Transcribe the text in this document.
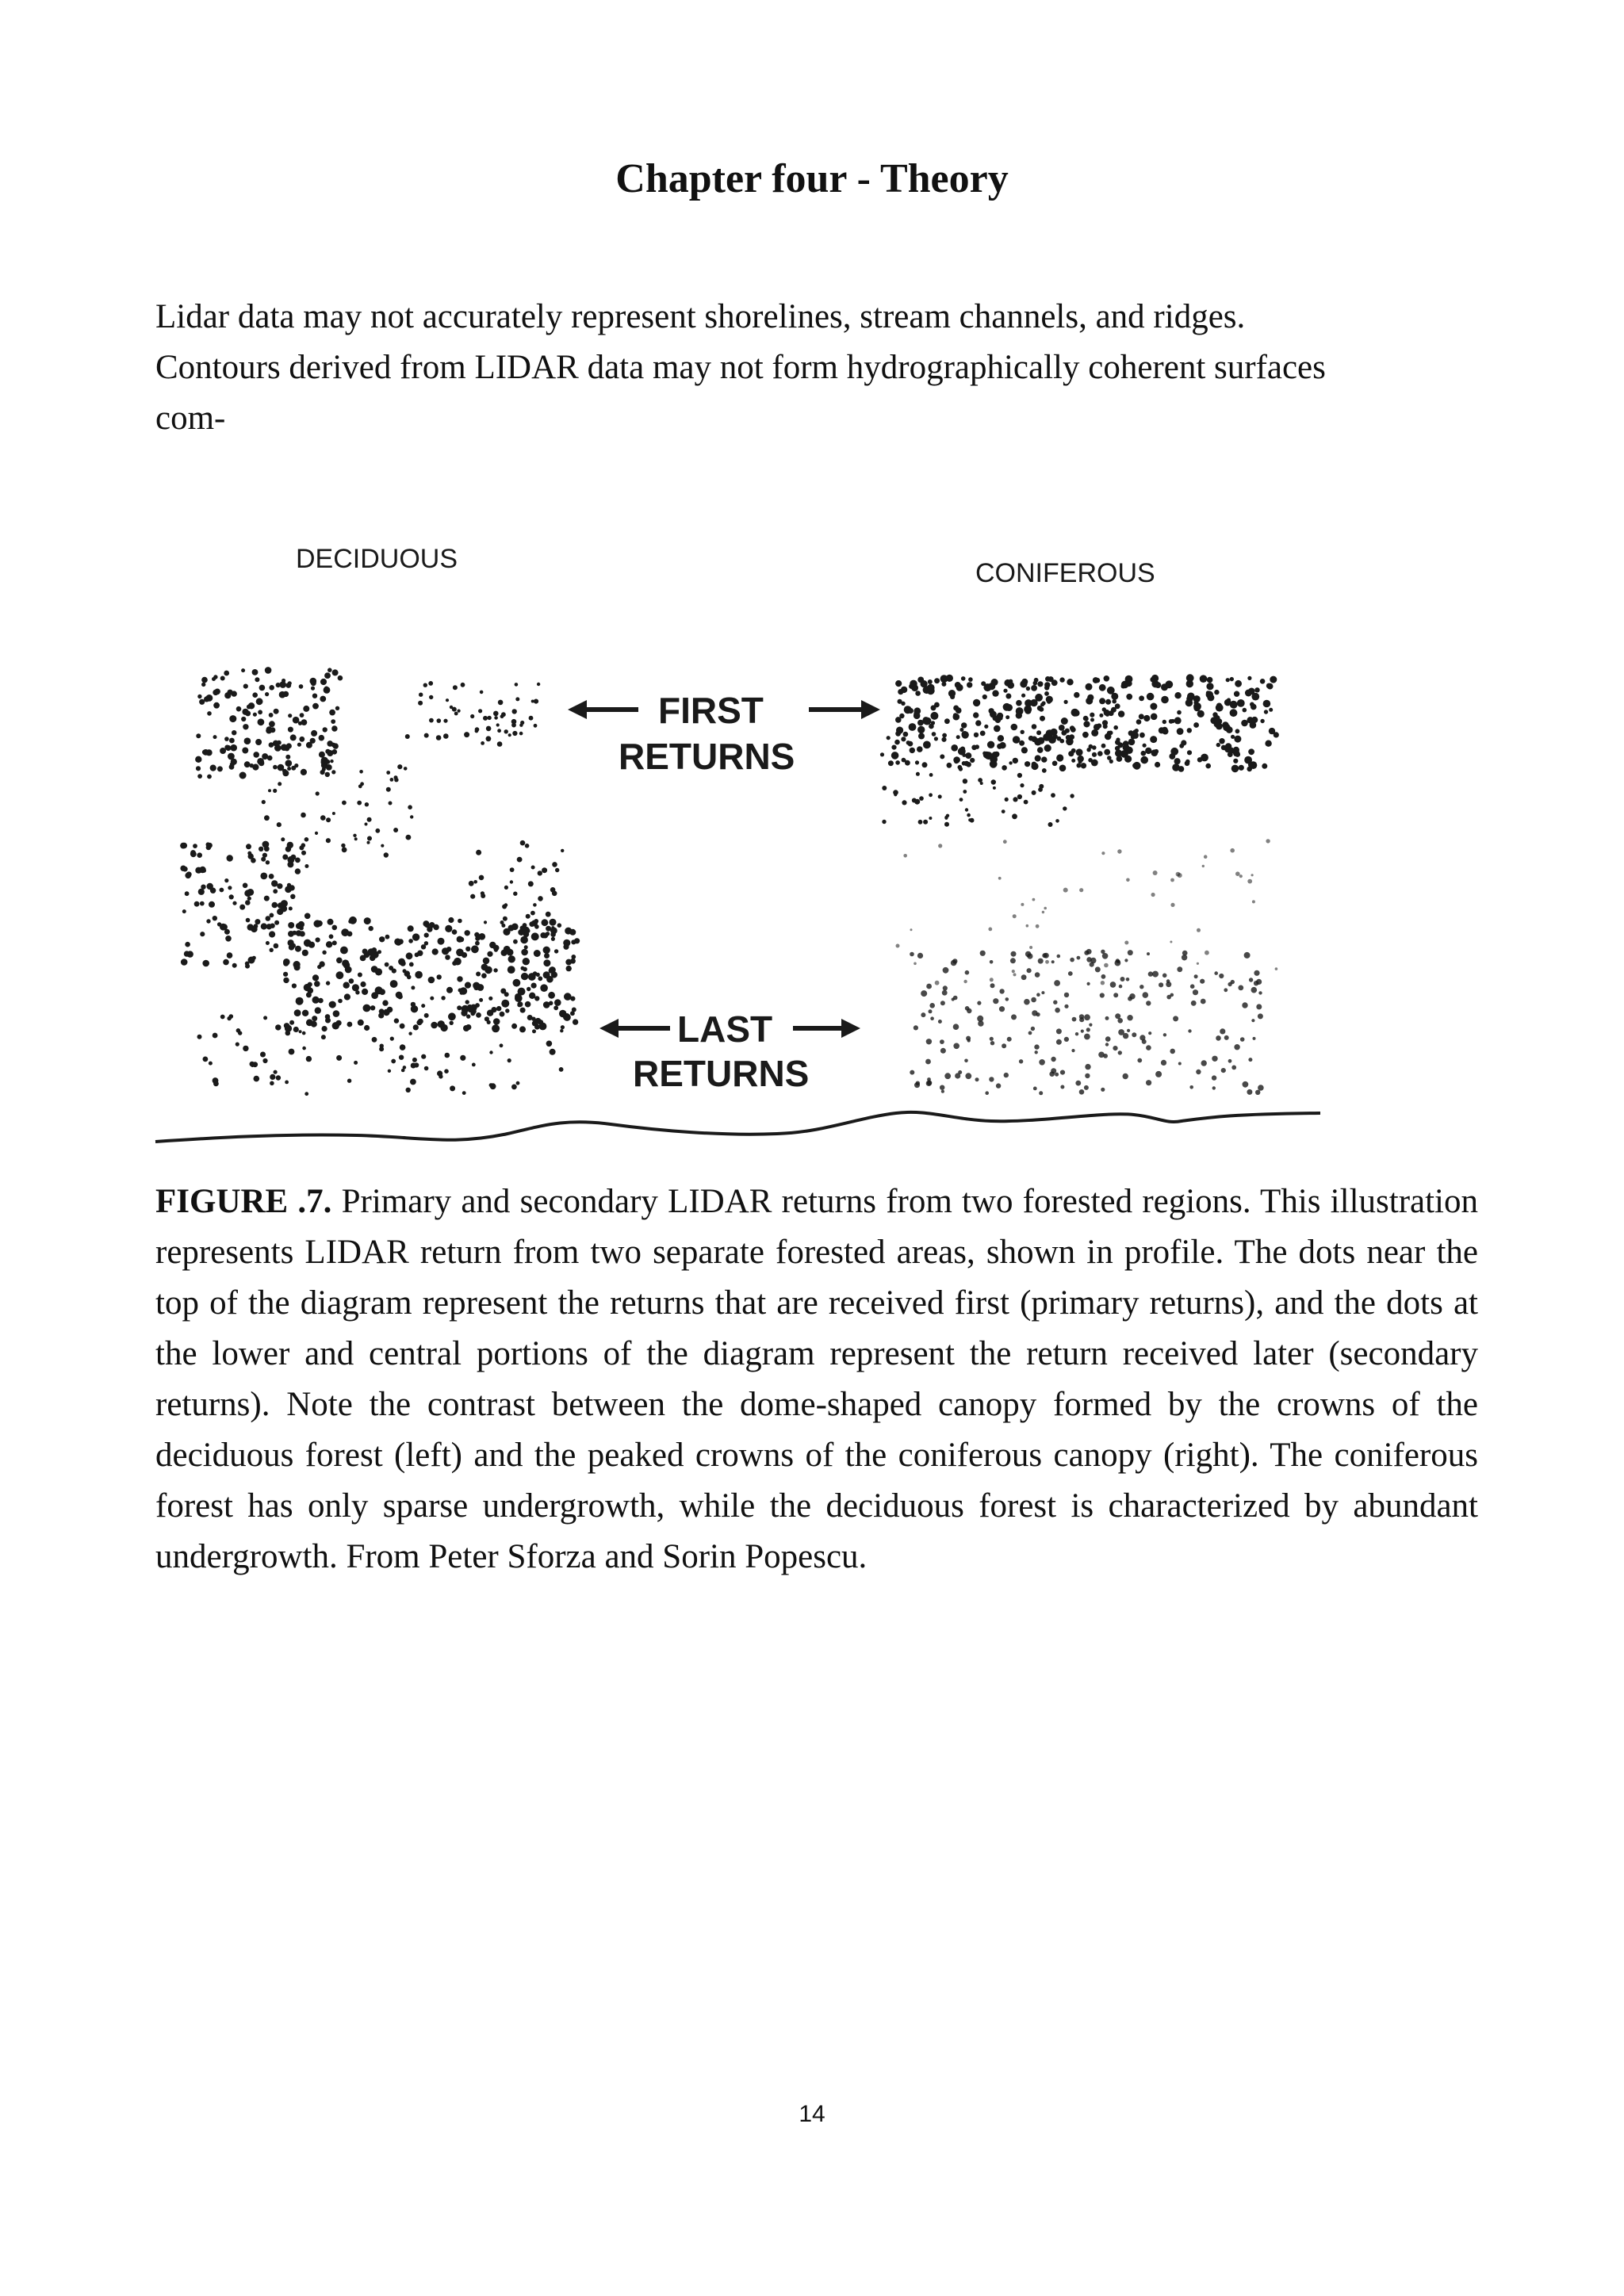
Chapter four - Theory

Lidar data may not accurately represent shorelines, stream channels, and ridges.
Contours derived from LIDAR data may not form hydrographically coherent surfaces
com-

DECIDUOUS	CONIFEROUS
FIRST
RETURNS
LAST
RETURNS

FIGURE .7. Primary and secondary LIDAR returns from two forested regions. This illustration represents LIDAR return from two separate forested areas, shown in profile. The dots near the top of the diagram represent the returns that are received first (primary returns), and the dots at the lower and central portions of the diagram represent the return received later (secondary returns). Note the contrast between the dome-shaped canopy formed by the crowns of the deciduous forest (left) and the peaked crowns of the coniferous canopy (right). The coniferous forest has only sparse undergrowth, while the deciduous forest is characterized by abundant undergrowth. From Peter Sforza and Sorin Popescu.

14
